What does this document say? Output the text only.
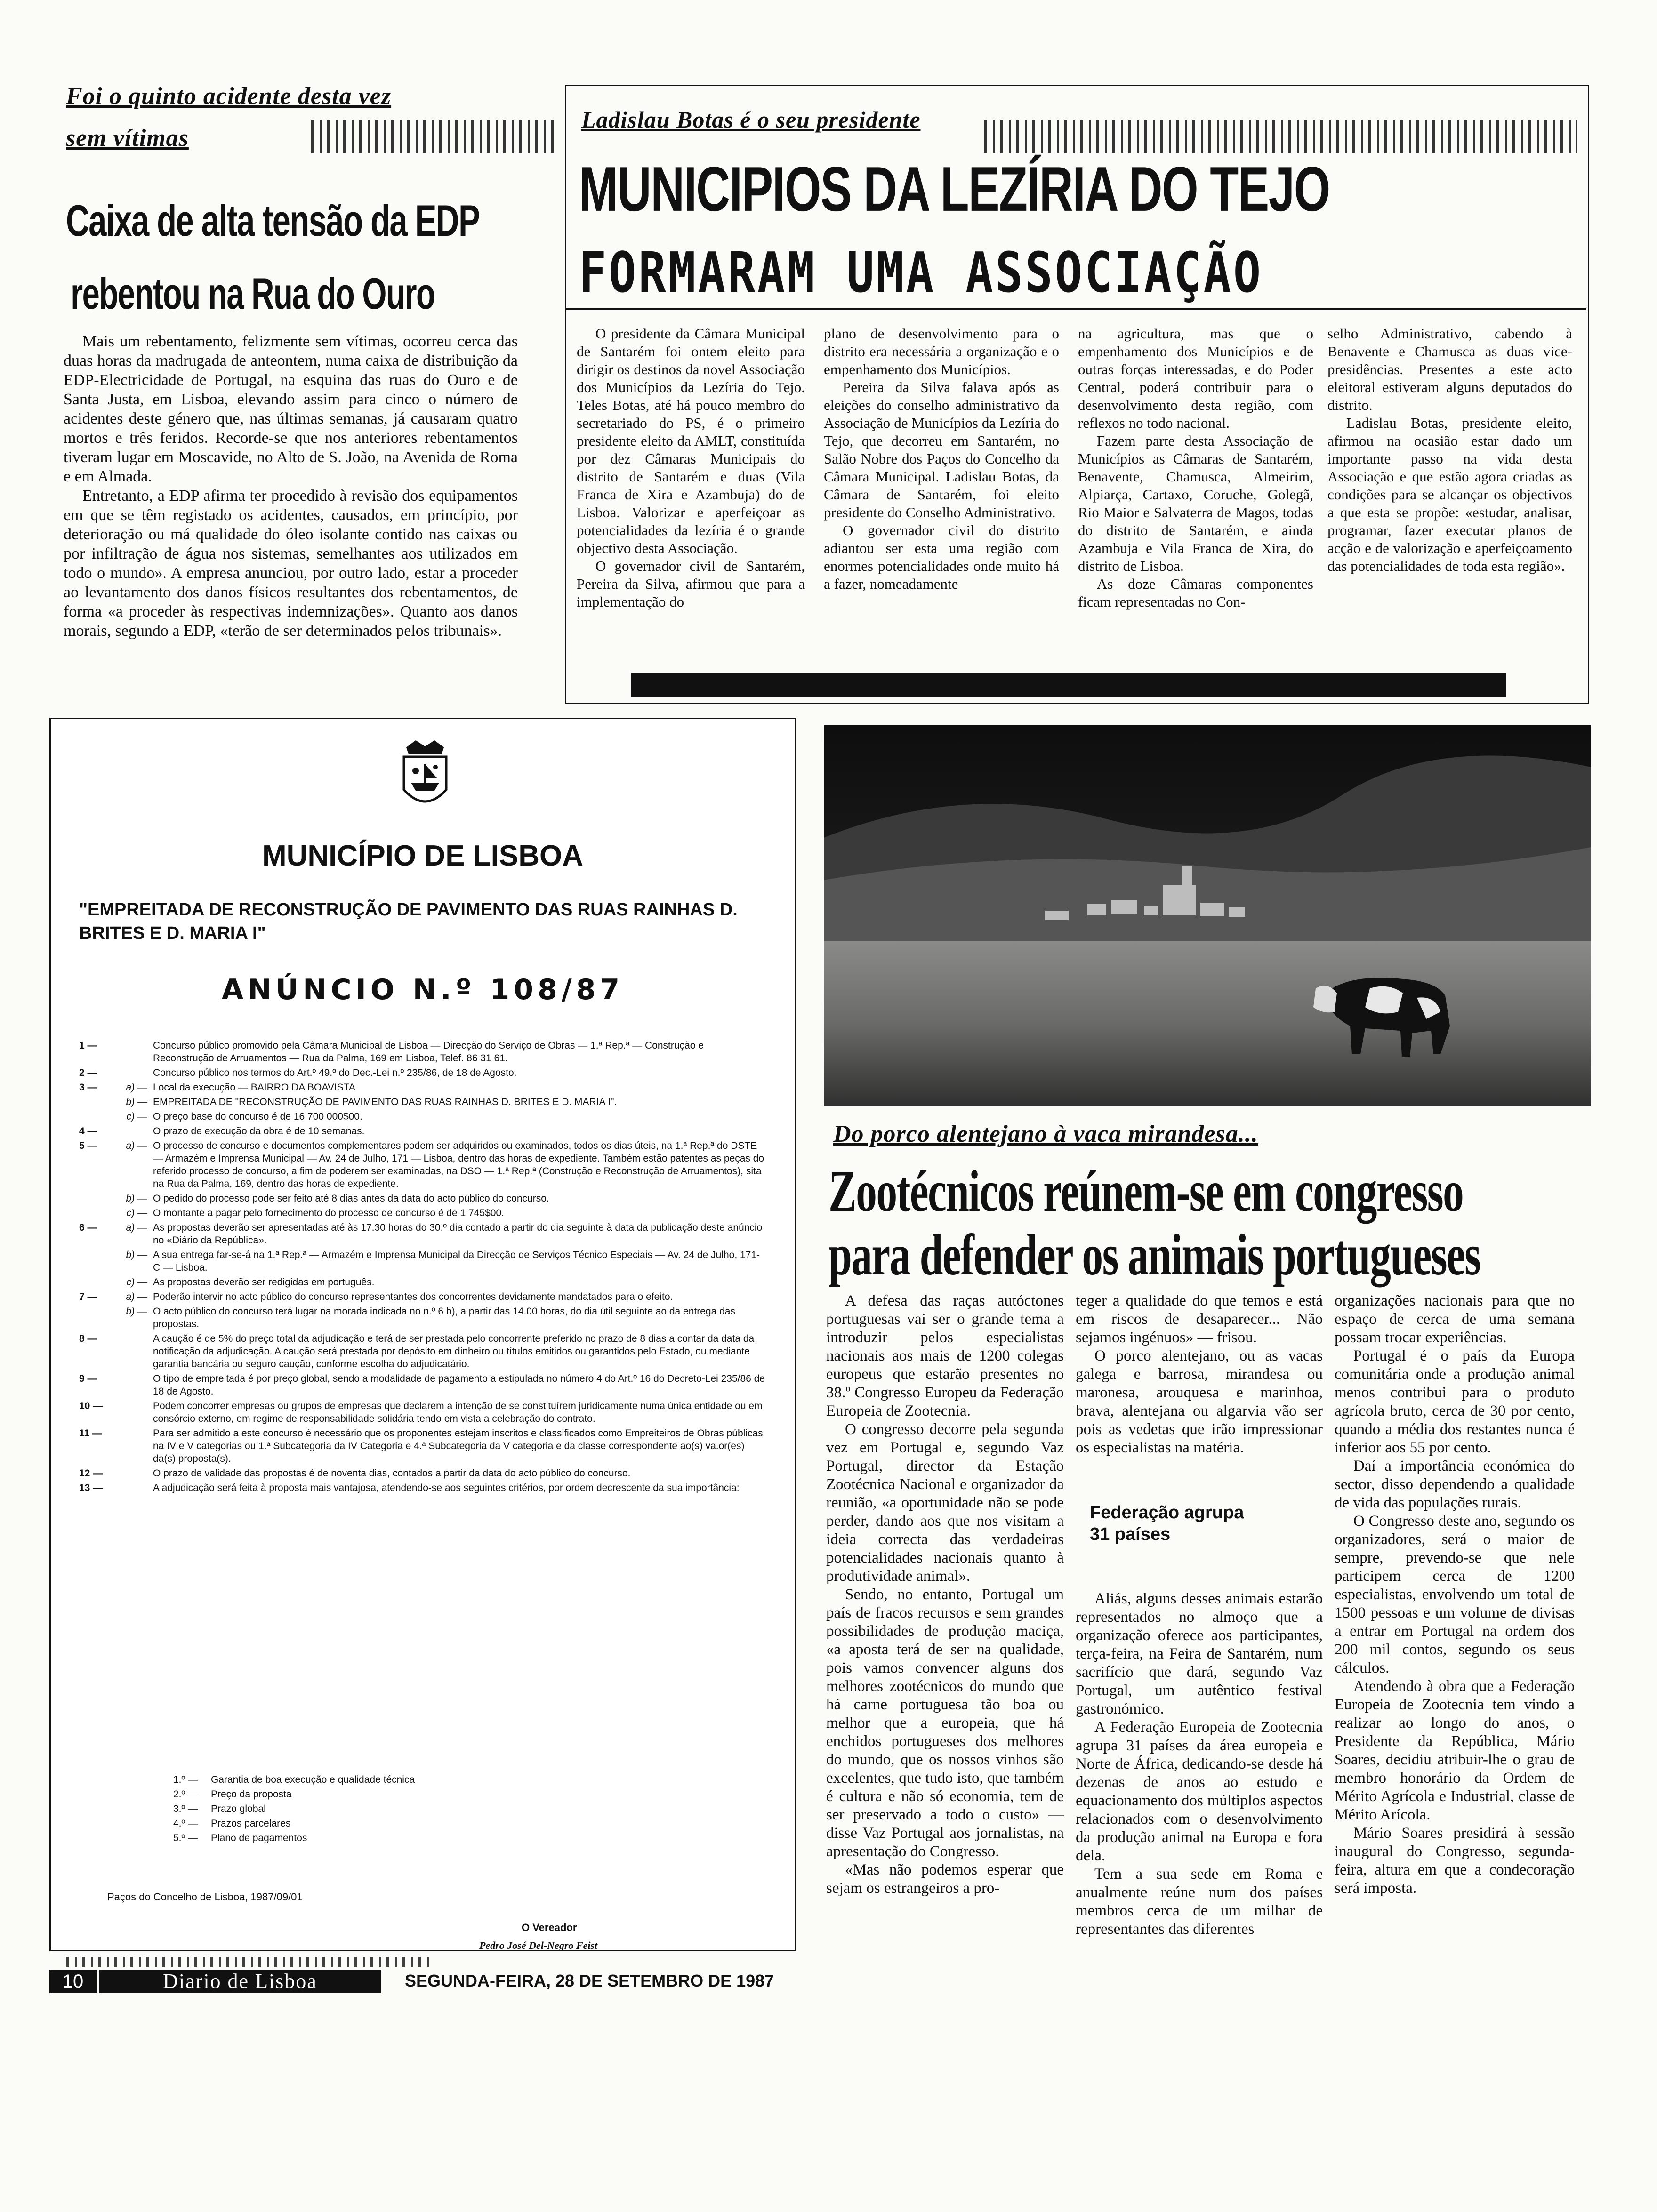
Foi o quinto acidente desta vez
sem vítimas
Caixa de alta tensão da EDP
rebentou na Rua do Ouro

Mais um rebentamento, felizmente sem vítimas, ocorreu cerca das duas horas da madrugada de anteontem, numa caixa de distribuição da EDP-Electricidade de Portugal, na esquina das ruas do Ouro e de Santa Justa, em Lisboa, elevando assim para cinco o número de acidentes deste género que, nas últimas semanas, já causaram quatro mortos e três feridos. Recorde-se que nos anteriores rebentamentos tiveram lugar em Moscavide, no Alto de S. João, na Avenida de Roma e em Almada.

Entretanto, a EDP afirma ter procedido à revisão dos equipamentos em que se têm registado os acidentes, causados, em princípio, por deterioração ou má qualidade do óleo isolante contido nas caixas ou por infiltração de água nos sistemas, semelhantes aos utilizados em todo o mundo». A empresa anunciou, por outro lado, estar a proceder ao levantamento dos danos físicos resultantes dos rebentamentos, de forma «a proceder às respectivas indemnizações». Quanto aos danos morais, segundo a EDP, «terão de ser determinados pelos tribunais».

Ladislau Botas é o seu presidente
MUNICIPIOS DA LEZÍRIA DO TEJO
FORMARAM UMA ASSOCIAÇÃO

O presidente da Câmara Municipal de Santarém foi ontem eleito para dirigir os destinos da novel Associação dos Municípios da Lezíria do Tejo. Teles Botas, até há pouco membro do secretariado do PS, é o primeiro presidente eleito da AMLT, constituída por dez Câmaras Municipais do distrito de Santarém e duas (Vila Franca de Xira e Azambuja) do de Lisboa. Valorizar e aperfeiçoar as potencialidades da lezíria é o grande objectivo desta Associação.

O governador civil de Santarém, Pereira da Silva, afirmou que para a implementação do

plano de desenvolvimento para o distrito era necessária a organização e o empenhamento dos Municípios.

Pereira da Silva falava após as eleições do conselho administrativo da Associação de Municípios da Lezíria do Tejo, que decorreu em Santarém, no Salão Nobre dos Paços do Concelho da Câmara Municipal. Ladislau Botas, da Câmara de Santarém, foi eleito presidente do Conselho Administrativo.

O governador civil do distrito adiantou ser esta uma região com enormes potencialidades onde muito há a fazer, nomeadamente

na agricultura, mas que o empenhamento dos Municípios e de outras forças interessadas, e do Poder Central, poderá contribuir para o desenvolvimento desta região, com reflexos no todo nacional.

Fazem parte desta Associação de Municípios as Câmaras de Santarém, Benavente, Chamusca, Almeirim, Alpiarça, Cartaxo, Coruche, Golegã, Rio Maior e Salvaterra de Magos, todas do distrito de Santarém, e ainda Azambuja e Vila Franca de Xira, do distrito de Lisboa.

As doze Câmaras componentes ficam representadas no Con-

selho Administrativo, cabendo à Benavente e Chamusca as duas vice-presidências. Presentes a este acto eleitoral estiveram alguns deputados do distrito.

Ladislau Botas, presidente eleito, afirmou na ocasião estar dado um importante passo na vida desta Associação e que estão agora criadas as condições para se alcançar os objectivos a que esta se propõe: «estudar, analisar, programar, fazer executar planos de acção e de valorização e aperfeiçoamento das potencialidades de toda esta região».

MUNICÍPIO DE LISBOA
"EMPREITADA DE RECONSTRUÇÃO DE PAVIMENTO DAS RUAS RAINHAS D. BRITES E D. MARIA I"
ANÚNCIO N.º 108/87
1 —	Concurso público promovido pela Câmara Municipal de Lisboa — Direcção do Serviço de Obras — 1.ª Rep.ª — Construção e Reconstrução de Arruamentos — Rua da Palma, 169 em Lisboa, Telef. 86 31 61.
2 —	Concurso público nos termos do Art.º 49.º do Dec.-Lei n.º 235/86, de 18 de Agosto.
3 —	a) — Local da execução — BAIRRO DA BOAVISTA
b) — EMPREITADA DE "RECONSTRUÇÃO DE PAVIMENTO DAS RUAS RAINHAS D. BRITES E D. MARIA I".
c) — O preço base do concurso é de 16 700 000$00.
4 —	O prazo de execução da obra é de 10 semanas.
5 —	a) — O processo de concurso e documentos complementares podem ser adquiridos ou examinados, todos os dias úteis, na 1.ª Rep.ª do DSTE — Armazém e Imprensa Municipal — Av. 24 de Julho, 171 — Lisboa, dentro das horas de expediente. Também estão patentes as peças do referido processo de concurso, a fim de poderem ser examinadas, na DSO — 1.ª Rep.ª (Construção e Reconstrução de Arruamentos), sita na Rua da Palma, 169, dentro das horas de expediente.
b) — O pedido do processo pode ser feito até 8 dias antes da data do acto público do concurso.
c) — O montante a pagar pelo fornecimento do processo de concurso é de 1 745$00.
6 —	a) — As propostas deverão ser apresentadas até às 17.30 horas do 30.º dia contado a partir do dia seguinte à data da publicação deste anúncio no «Diário da República».
b) — A sua entrega far-se-á na 1.ª Rep.ª — Armazém e Imprensa Municipal da Direcção de Serviços Técnico Especiais — Av. 24 de Julho, 171-C — Lisboa.
c) — As propostas deverão ser redigidas em português.
7 —	a) — Poderão intervir no acto público do concurso representantes dos concorrentes devidamente mandatados para o efeito.
b) — O acto público do concurso terá lugar na morada indicada no n.º 6 b), a partir das 14.00 horas, do dia útil seguinte ao da entrega das propostas.
8 —	A caução é de 5% do preço total da adjudicação e terá de ser prestada pelo concorrente preferido no prazo de 8 dias a contar da data da notificação da adjudicação. A caução será prestada por depósito em dinheiro ou títulos emitidos ou garantidos pelo Estado, ou mediante garantia bancária ou seguro caução, conforme escolha do adjudicatário.
9 —	O tipo de empreitada é por preço global, sendo a modalidade de pagamento a estipulada no número 4 do Art.º 16 do Decreto-Lei 235/86 de 18 de Agosto.
10 —	Podem concorrer empresas ou grupos de empresas que declarem a intenção de se constituírem juridicamente numa única entidade ou em consórcio externo, em regime de responsabilidade solidária tendo em vista a celebração do contrato.
11 —	Para ser admitido a este concurso é necessário que os proponentes estejam inscritos e classificados como Empreiteiros de Obras públicas na IV e V categorias ou 1.ª Subcategoria da IV Categoria e 4.ª Subcategoria da V categoria e da classe correspondente ao(s) va.or(es) da(s) proposta(s).
12 —	O prazo de validade das propostas é de noventa dias, contados a partir da data do acto público do concurso.
13 —	A adjudicação será feita à proposta mais vantajosa, atendendo-se aos seguintes critérios, por ordem decrescente da sua importância:
1.º —	Garantia de boa execução e qualidade técnica
2.º —	Preço da proposta
3.º —	Prazo global
4.º —	Prazos parcelares
5.º —	Plano de pagamentos
Paços do Concelho de Lisboa, 1987/09/01
O Vereador
Pedro José Del-Negro Feist
Do porco alentejano à vaca mirandesa...
Zootécnicos reúnem-se em congresso
para defender os animais portugueses

A defesa das raças autóctones portuguesas vai ser o grande tema a introduzir pelos especialistas nacionais aos mais de 1200 colegas europeus que estarão presentes no 38.º Congresso Europeu da Federação Europeia de Zootecnia.

O congresso decorre pela segunda vez em Portugal e, segundo Vaz Portugal, director da Estação Zootécnica Nacional e organizador da reunião, «a oportunidade não se pode perder, dando aos que nos visitam a ideia correcta das verdadeiras potencialidades nacionais quanto à produtividade animal».

Sendo, no entanto, Portugal um país de fracos recursos e sem grandes possibilidades de produção maciça, «a aposta terá de ser na qualidade, pois vamos convencer alguns dos melhores zootécnicos do mundo que há carne portuguesa tão boa ou melhor que a europeia, que há enchidos portugueses dos melhores do mundo, que os nossos vinhos são excelentes, que tudo isto, que também é cultura e não só economia, tem de ser preservado a todo o custo» — disse Vaz Portugal aos jornalistas, na apresentação do Congresso.

«Mas não podemos esperar que sejam os estrangeiros a pro-

teger a qualidade do que temos e está em riscos de desaparecer... Não sejamos ingénuos» — frisou.

O porco alentejano, ou as vacas galega e barrosa, mirandesa ou maronesa, arouquesa e marinhoa, brava, alentejana ou algarvia vão ser pois as vedetas que irão impressionar os especialistas na matéria.

Federação agrupa
31 países

Aliás, alguns desses animais estarão representados no almoço que a organização oferece aos participantes, terça-feira, na Feira de Santarém, num sacrifício que dará, segundo Vaz Portugal, um autêntico festival gastronómico.

A Federação Europeia de Zootecnia agrupa 31 países da área europeia e Norte de África, dedicando-se desde há dezenas de anos ao estudo e equacionamento dos múltiplos aspectos relacionados com o desenvolvimento da produção animal na Europa e fora dela.

Tem a sua sede em Roma e anualmente reúne num dos países membros cerca de um milhar de representantes das diferentes

organizações nacionais para que no espaço de cerca de uma semana possam trocar experiências.

Portugal é o país da Europa comunitária onde a produção animal menos contribui para o produto agrícola bruto, cerca de 30 por cento, quando a média dos restantes nunca é inferior aos 55 por cento.

Daí a importância económica do sector, disso dependendo a qualidade de vida das populações rurais.

O Congresso deste ano, segundo os organizadores, será o maior de sempre, prevendo-se que nele participem cerca de 1200 especialistas, envolvendo um total de 1500 pessoas e um volume de divisas a entrar em Portugal na ordem dos 200 mil contos, segundo os seus cálculos.

Atendendo à obra que a Federação Europeia de Zootecnia tem vindo a realizar ao longo do anos, o Presidente da República, Mário Soares, decidiu atribuir-lhe o grau de membro honorário da Ordem de Mérito Agrícola e Industrial, classe de Mérito Arícola.

Mário Soares presidirá à sessão inaugural do Congresso, segunda-feira, altura em que a condecoração será imposta.

10	Diario de Lisboa	SEGUNDA-FEIRA, 28 DE SETEMBRO DE 1987
